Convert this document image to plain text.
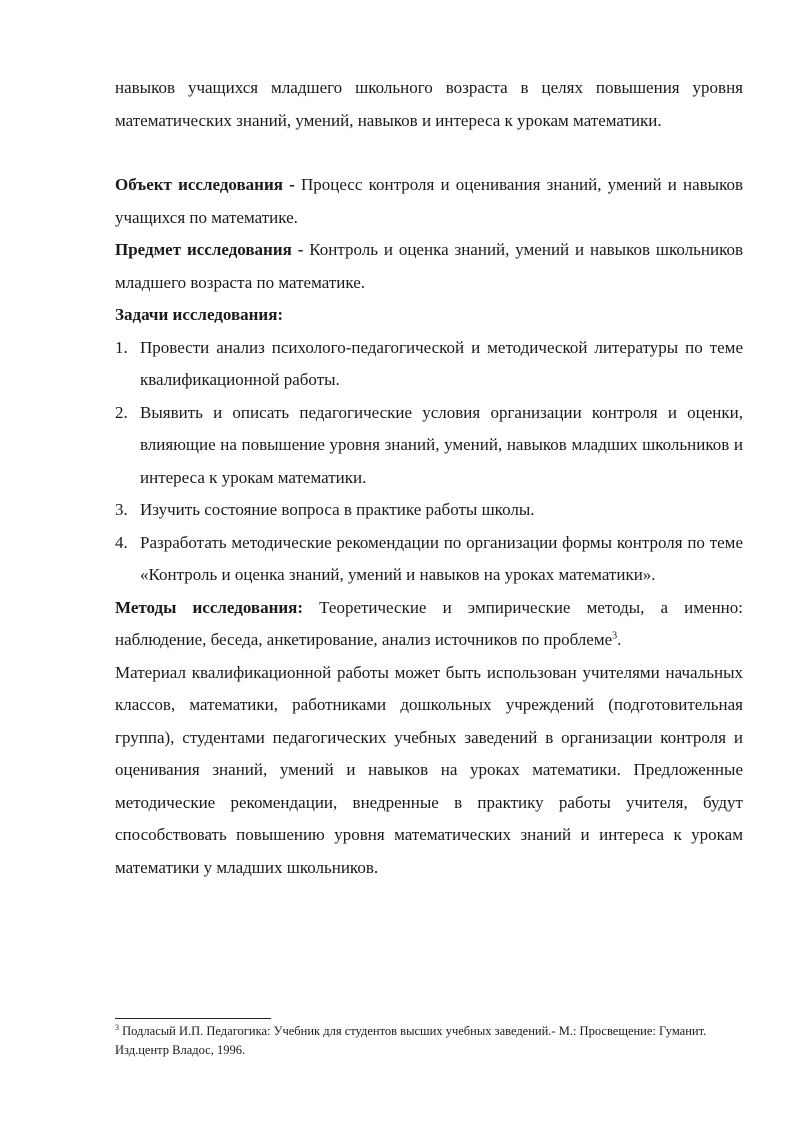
навыков учащихся младшего школьного возраста в целях повышения уровня математических знаний, умений, навыков и интереса к урокам математики.

Объект исследования - Процесс контроля и оценивания знаний, умений и навыков учащихся по математике.

Предмет исследования - Контроль и оценка знаний, умений и навыков школьников младшего возраста по математике.

Задачи исследования:

1. Провести анализ психолого-педагогической и методической литературы по теме квалификационной работы.
2. Выявить и описать педагогические условия организации контроля и оценки, влияющие на повышение уровня знаний, умений, навыков младших школьников и интереса к урокам математики.
3. Изучить состояние вопроса в практике работы школы.
4. Разработать методические рекомендации по организации формы контроля по теме «Контроль и оценка знаний, умений и навыков на уроках математики».

Методы исследования: Теоретические и эмпирические методы, а именно: наблюдение, беседа, анкетирование, анализ источников по проблеме$^3$.

Материал квалификационной работы может быть использован учителями начальных классов, математики, работниками дошкольных учреждений (подготовительная группа), студентами педагогических учебных заведений в организации контроля и оценивания знаний, умений и навыков на уроках математики. Предложенные методические рекомендации, внедренные в практику работы учителя, будут способствовать повышению уровня математических знаний и интереса к урокам математики у младших школьников.

$^3$ Подласый И.П. Педагогика: Учебник для студентов высших учебных заведений.- М.: Просвещение: Гуманит. Изд.центр Владос, 1996.
